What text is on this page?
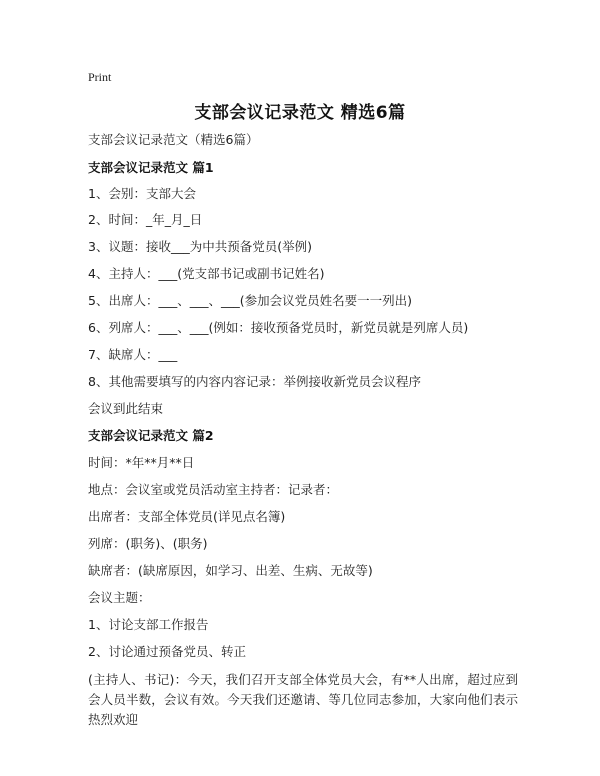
Print
支部会议记录范文 精选6篇
支部会议记录范文（精选6篇）
支部会议记录范文 篇1
1、会别：支部大会
2、时间：_年_月_日
3、议题：接收___为中共预备党员(举例)
4、主持人：___(党支部书记或副书记姓名)
5、出席人：___、___、___(参加会议党员姓名要一一列出)
6、列席人：___、___(例如：接收预备党员时，新党员就是列席人员)
7、缺席人：___
8、其他需要填写的内容内容记录：举例接收新党员会议程序
会议到此结束
支部会议记录范文 篇2
时间：*年**月**日
地点：会议室或党员活动室主持者：记录者：
出席者：支部全体党员(详见点名簿)
列席：(职务)、(职务)
缺席者：(缺席原因，如学习、出差、生病、无故等)
会议主题：
1、讨论支部工作报告
2、讨论通过预备党员、转正
(主持人、书记)：今天，我们召开支部全体党员大会，有**人出席，超过应到会人员半数，会议有效。今天我们还邀请、等几位同志参加，大家向他们表示热烈欢迎
